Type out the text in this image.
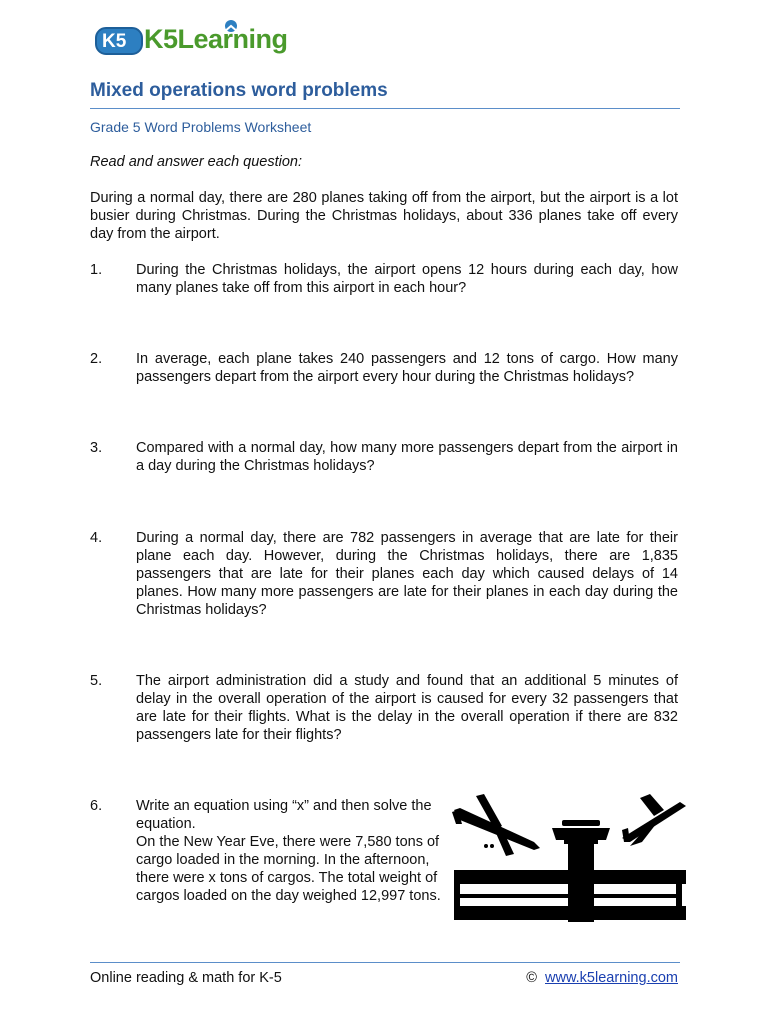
K5 K5Learning
Mixed operations word problems
Grade 5 Word Problems Worksheet
Read and answer each question:
During a normal day, there are 280 planes taking off from the airport, but the airport is a lot busier during Christmas. During the Christmas holidays, about 336 planes take off every day from the airport.
1. During the Christmas holidays, the airport opens 12 hours during each day, how many planes take off from this airport in each hour?
2. In average, each plane takes 240 passengers and 12 tons of cargo. How many passengers depart from the airport every hour during the Christmas holidays?
3. Compared with a normal day, how many more passengers depart from the airport in a day during the Christmas holidays?
4. During a normal day, there are 782 passengers in average that are late for their plane each day. However, during the Christmas holidays, there are 1,835 passengers that are late for their planes each day which caused delays of 14 planes. How many more passengers are late for their planes in each day during the Christmas holidays?
5. The airport administration did a study and found that an additional 5 minutes of delay in the overall operation of the airport is caused for every 32 passengers that are late for their flights. What is the delay in the overall operation if there are 832 passengers late for their flights?
6. Write an equation using “x” and then solve the equation.
On the New Year Eve, there were 7,580 tons of cargo loaded in the morning. In the afternoon, there were x tons of cargos. The total weight of cargos loaded on the day weighed 12,997 tons.
Online reading & math for K-5	© www.k5learning.com
